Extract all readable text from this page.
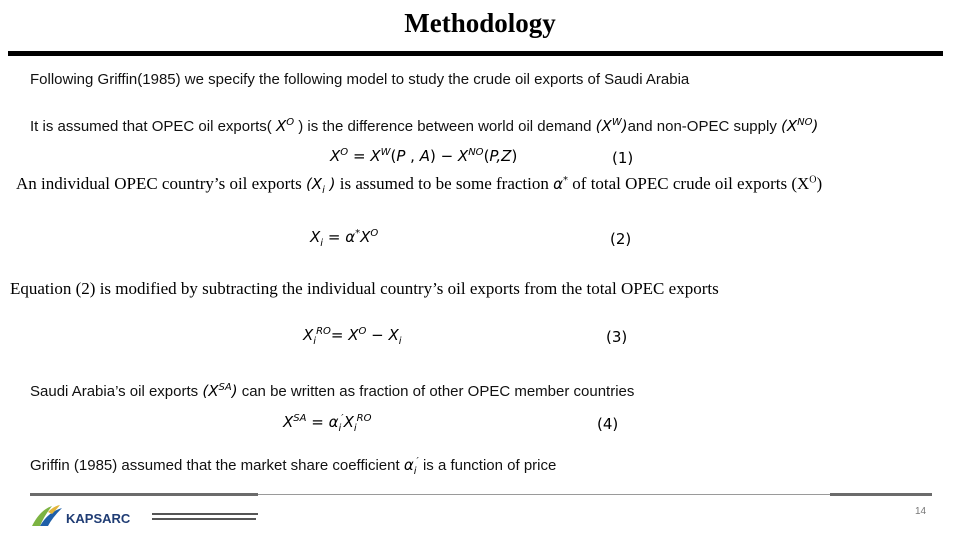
Methodology
Following Griffin(1985) we specify the following model to study the crude oil exports of Saudi Arabia
It is assumed that OPEC oil exports( $X^O$ ) is the difference between world oil demand $(X^W)and$ non-OPEC supply $(X^{NO})$
$X^O = X^W(P$ , $A) - X^{NO}(P,Z)$	(1)
An individual OPEC country’s oil exports ($X_i$ ) is assumed to be some fraction α* of total OPEC crude oil exports $(X^O)$
$X_i = \alpha^*X^O$	(2)
Equation (2) is modified by subtracting the individual country’s oil exports from the total OPEC exports
$X_i^{RO}= X^O - X_i$	(3)
Saudi Arabia’s oil exports $(X^{SA})$ can be written as fraction of other OPEC member countries
$X^{SA} = \alpha_i'X_i^{RO}$	(4)
Griffin (1985) assumed that the market share coefficient $\alpha_i'$ is a function of price
KAPSARC	14
